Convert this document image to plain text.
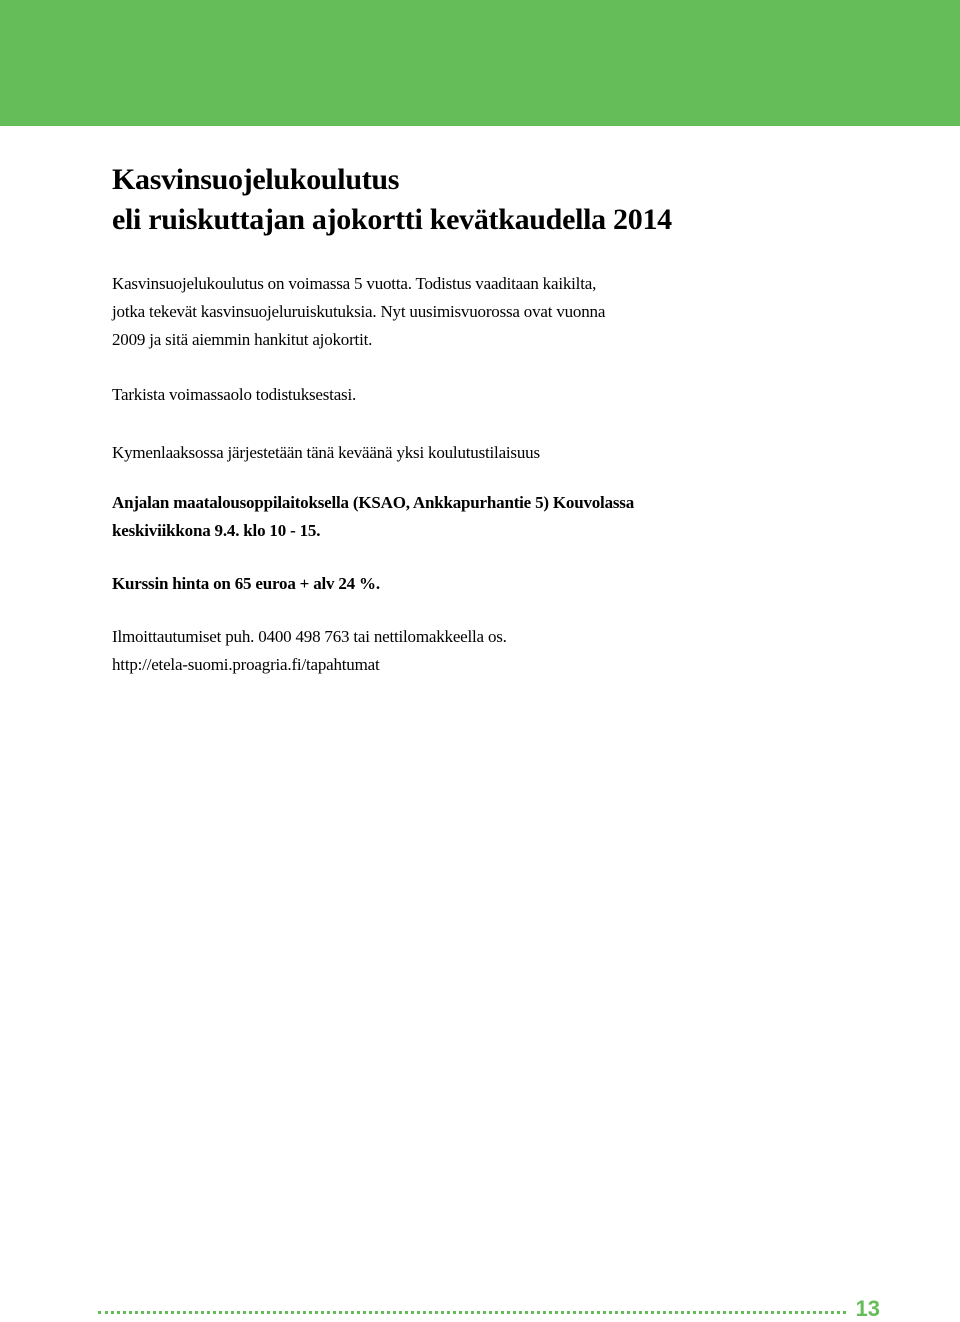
Kasvinsuojelukoulutus
eli ruiskuttajan ajokortti kevätkaudella 2014

Kasvinsuojelukoulutus on voimassa 5 vuotta. Todistus vaaditaan kaikilta,
jotka tekevät kasvinsuojeluruiskutuksia. Nyt uusimisvuorossa ovat vuonna
2009 ja sitä aiemmin hankitut ajokortit.

Tarkista voimassaolo todistuksestasi.

Kymenlaaksossa järjestetään tänä keväänä yksi koulutustilaisuus

Anjalan maatalousoppilaitoksella (KSAO, Ankkapurhantie 5) Kouvolassa
keskiviikkona 9.4. klo 10 - 15.

Kurssin hinta on 65 euroa + alv 24 %.

Ilmoittautumiset puh. 0400 498 763 tai nettilomakkeella os.
http://etela-suomi.proagria.fi/tapahtumat

13
